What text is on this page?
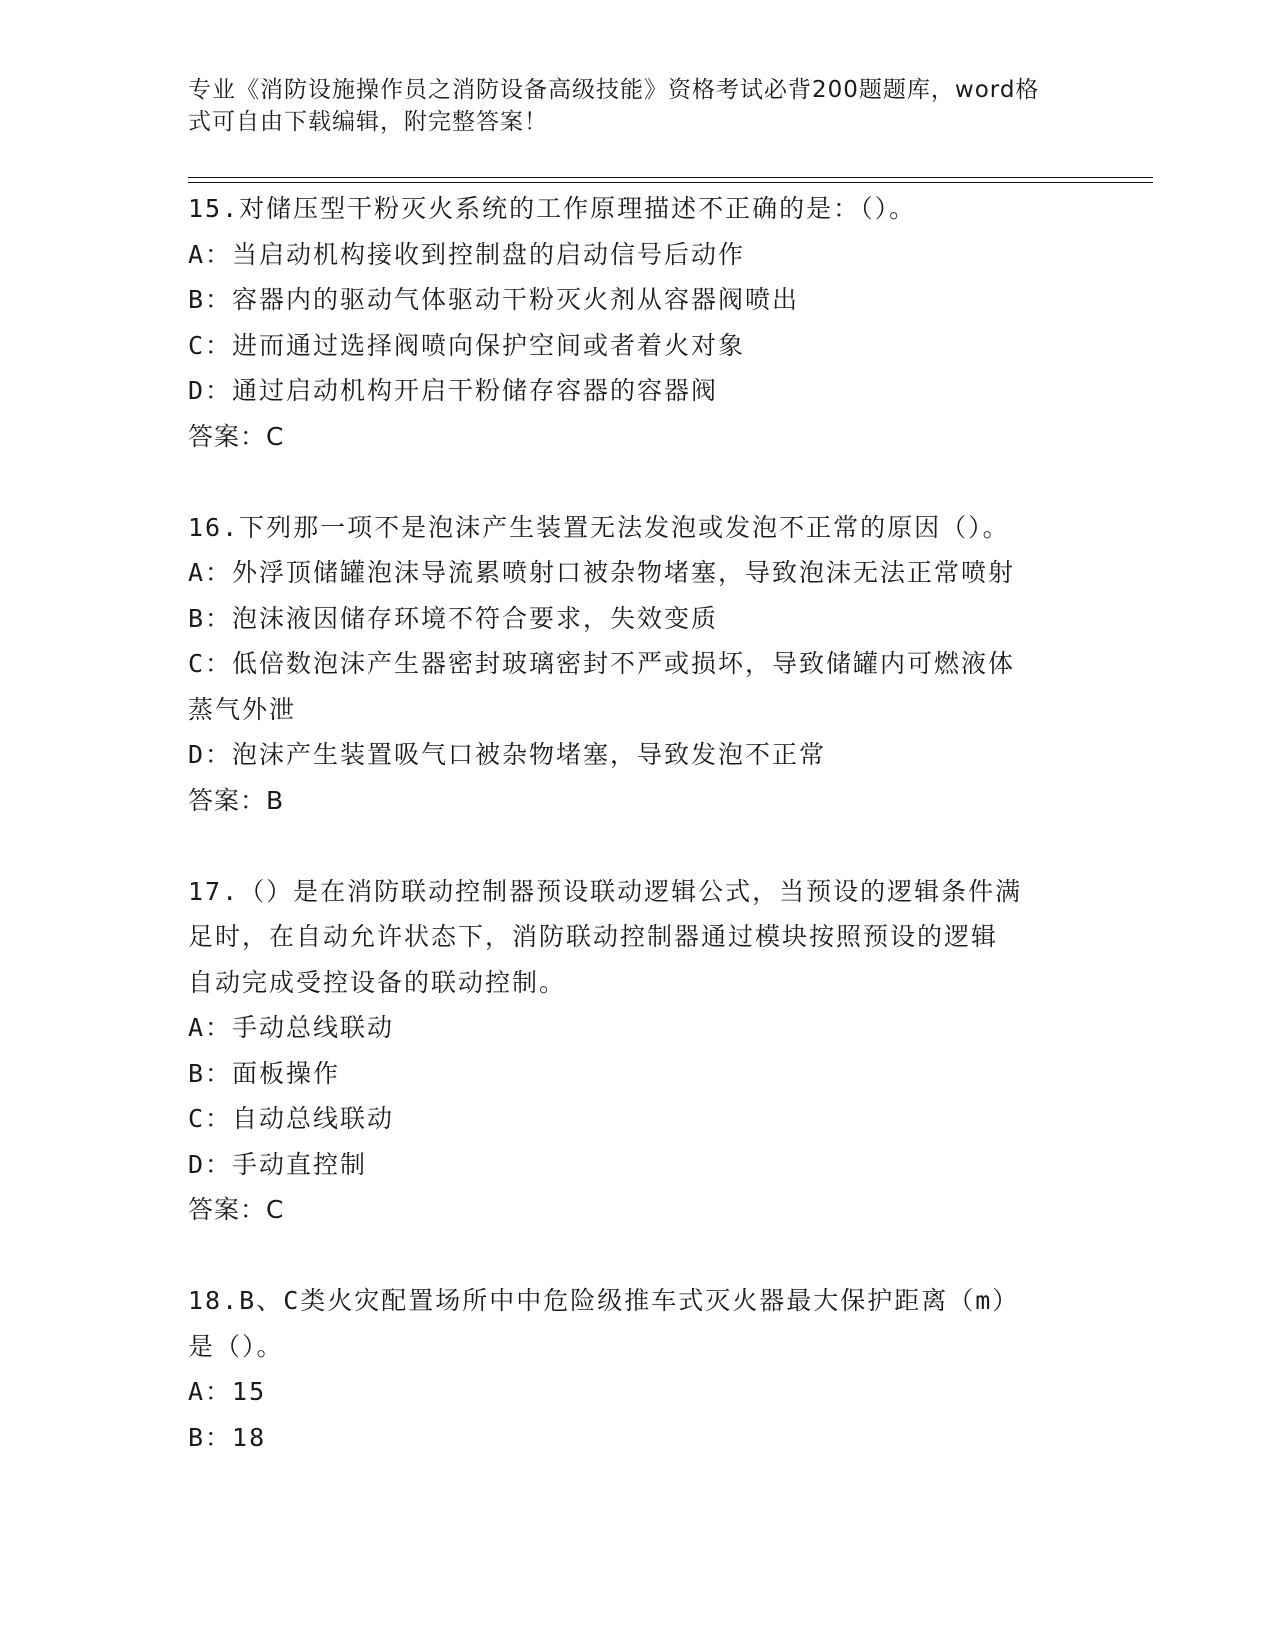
专业《消防设施操作员之消防设备高级技能》资格考试必背200题题库，word格
式可自由下载编辑，附完整答案！

15.对储压型干粉灭火系统的工作原理描述不正确的是：（）。

A：当启动机构接收到控制盘的启动信号后动作

B：容器内的驱动气体驱动干粉灭火剂从容器阀喷出

C：进而通过选择阀喷向保护空间或者着火对象

D：通过启动机构开启干粉储存容器的容器阀

答案：C

16.下列那一项不是泡沫产生装置无法发泡或发泡不正常的原因（）。

A：外浮顶储罐泡沫导流累喷射口被杂物堵塞，导致泡沫无法正常喷射

B：泡沫液因储存环境不符合要求，失效变质

C：低倍数泡沫产生器密封玻璃密封不严或损坏，导致储罐内可燃液体

蒸气外泄

D：泡沫产生装置吸气口被杂物堵塞，导致发泡不正常

答案：B

17.（）是在消防联动控制器预设联动逻辑公式，当预设的逻辑条件满

足时，在自动允许状态下，消防联动控制器通过模块按照预设的逻辑

自动完成受控设备的联动控制。

A：手动总线联动

B：面板操作

C：自动总线联动

D：手动直控制

答案：C

18.B、C类火灾配置场所中中危险级推车式灭火器最大保护距离（m）

是（）。

A：15

B：18
